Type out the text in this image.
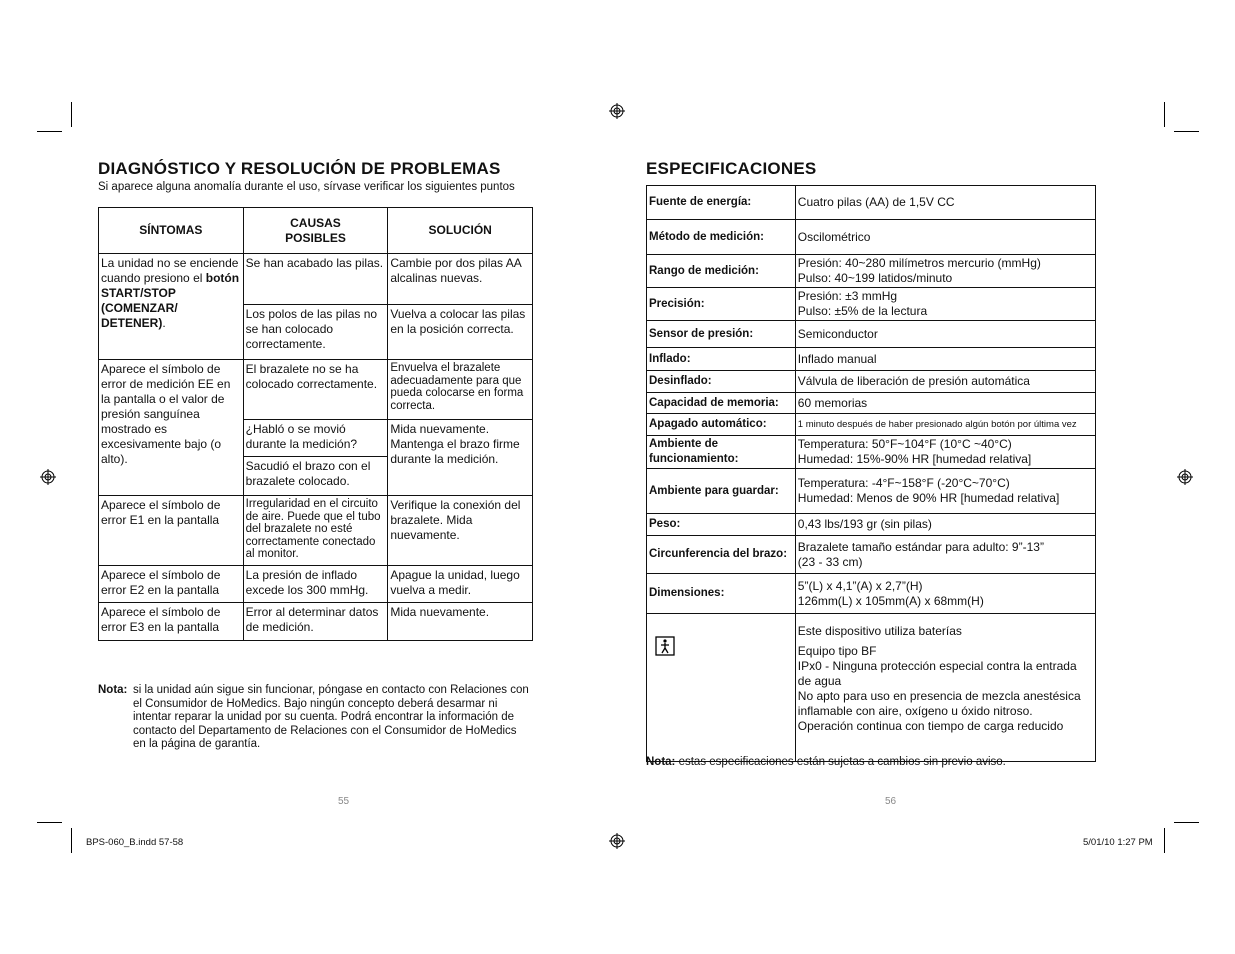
DIAGNÓSTICO Y RESOLUCIÓN DE PROBLEMAS
Si aparece alguna anomalía durante el uso, sírvase verificar los siguientes puntos
SÍNTOMAS	CAUSAS POSIBLES	SOLUCIÓN
La unidad no se enciende cuando presiono el botón START/STOP (COMENZAR/ DETENER).	Se han acabado las pilas.	Cambie por dos pilas AA alcalinas nuevas.
	Los polos de las pilas no se han colocado correctamente.	Vuelva a colocar las pilas en la posición correcta.
Aparece el símbolo de error de medición EE en la pantalla o el valor de presión sanguínea mostrado es excesivamente bajo (o alto).	El brazalete no se ha colocado correctamente.	Envuelva el brazalete adecuadamente para que pueda colocarse en forma correcta.
	¿Habló o se movió durante la medición?	Mida nuevamente. Mantenga el brazo firme durante la medición.
	Sacudió el brazo con el brazalete colocado.	
Aparece el símbolo de error E1 en la pantalla	Irregularidad en el circuito de aire. Puede que el tubo del brazalete no esté correctamente conectado al monitor.	Verifique la conexión del brazalete. Mida nuevamente.
Aparece el símbolo de error E2 en la pantalla	La presión de inflado excede los 300 mmHg.	Apague la unidad, luego vuelva a medir.
Aparece el símbolo de error E3 en la pantalla	Error al determinar datos de medición.	Mida nuevamente.
Nota: si la unidad aún sigue sin funcionar, póngase en contacto con Relaciones con el Consumidor de HoMedics. Bajo ningún concepto deberá desarmar ni intentar reparar la unidad por su cuenta. Podrá encontrar la información de contacto del Departamento de Relaciones con el Consumidor de HoMedics en la página de garantía.
55
ESPECIFICACIONES
Fuente de energía:	Cuatro pilas (AA) de 1,5V CC

Método de medición:	Oscilométrico

Rango de medición:	Presión: 40~280 milímetros mercurio (mmHg)
Pulso: 40~199 latidos/minuto

Precisión:	Presión: ±3 mmHg
Pulso: ±5% de la lectura

Sensor de presión:	Semiconductor

Inflado:	Inflado manual

Desinflado:	Válvula de liberación de presión automática

Capacidad de memoria:	60 memorias

Apagado automático:	1 minuto después de haber presionado algún botón por última vez

Ambiente de funcionamiento:	Temperatura: 50°F~104°F (10°C ~40°C)
Humedad: 15%-90% HR [humedad relativa]

Ambiente para guardar:	Temperatura: -4°F~158°F (-20°C~70°C)
Humedad: Menos de 90% HR [humedad relativa]

Peso:	0,43 lbs/193 gr (sin pilas)

Circunferencia del brazo:	Brazalete tamaño estándar para adulto: 9”-13”
(23 - 33 cm)

Dimensiones:	5”(L) x 4,1”(A) x 2,7”(H)
126mm(L) x 105mm(A) x 68mm(H)

Este dispositivo utiliza baterías
Equipo tipo BF
IPx0 - Ninguna protección especial contra la entrada de agua
No apto para uso en presencia de mezcla anestésica inflamable con aire, oxígeno u óxido nitroso.
Operación continua con tiempo de carga reducido
Nota: estas especificaciones están sujetas a cambios sin previo aviso.
56
BPS-060_B.indd 57-58	5/01/10 1:27 PM
